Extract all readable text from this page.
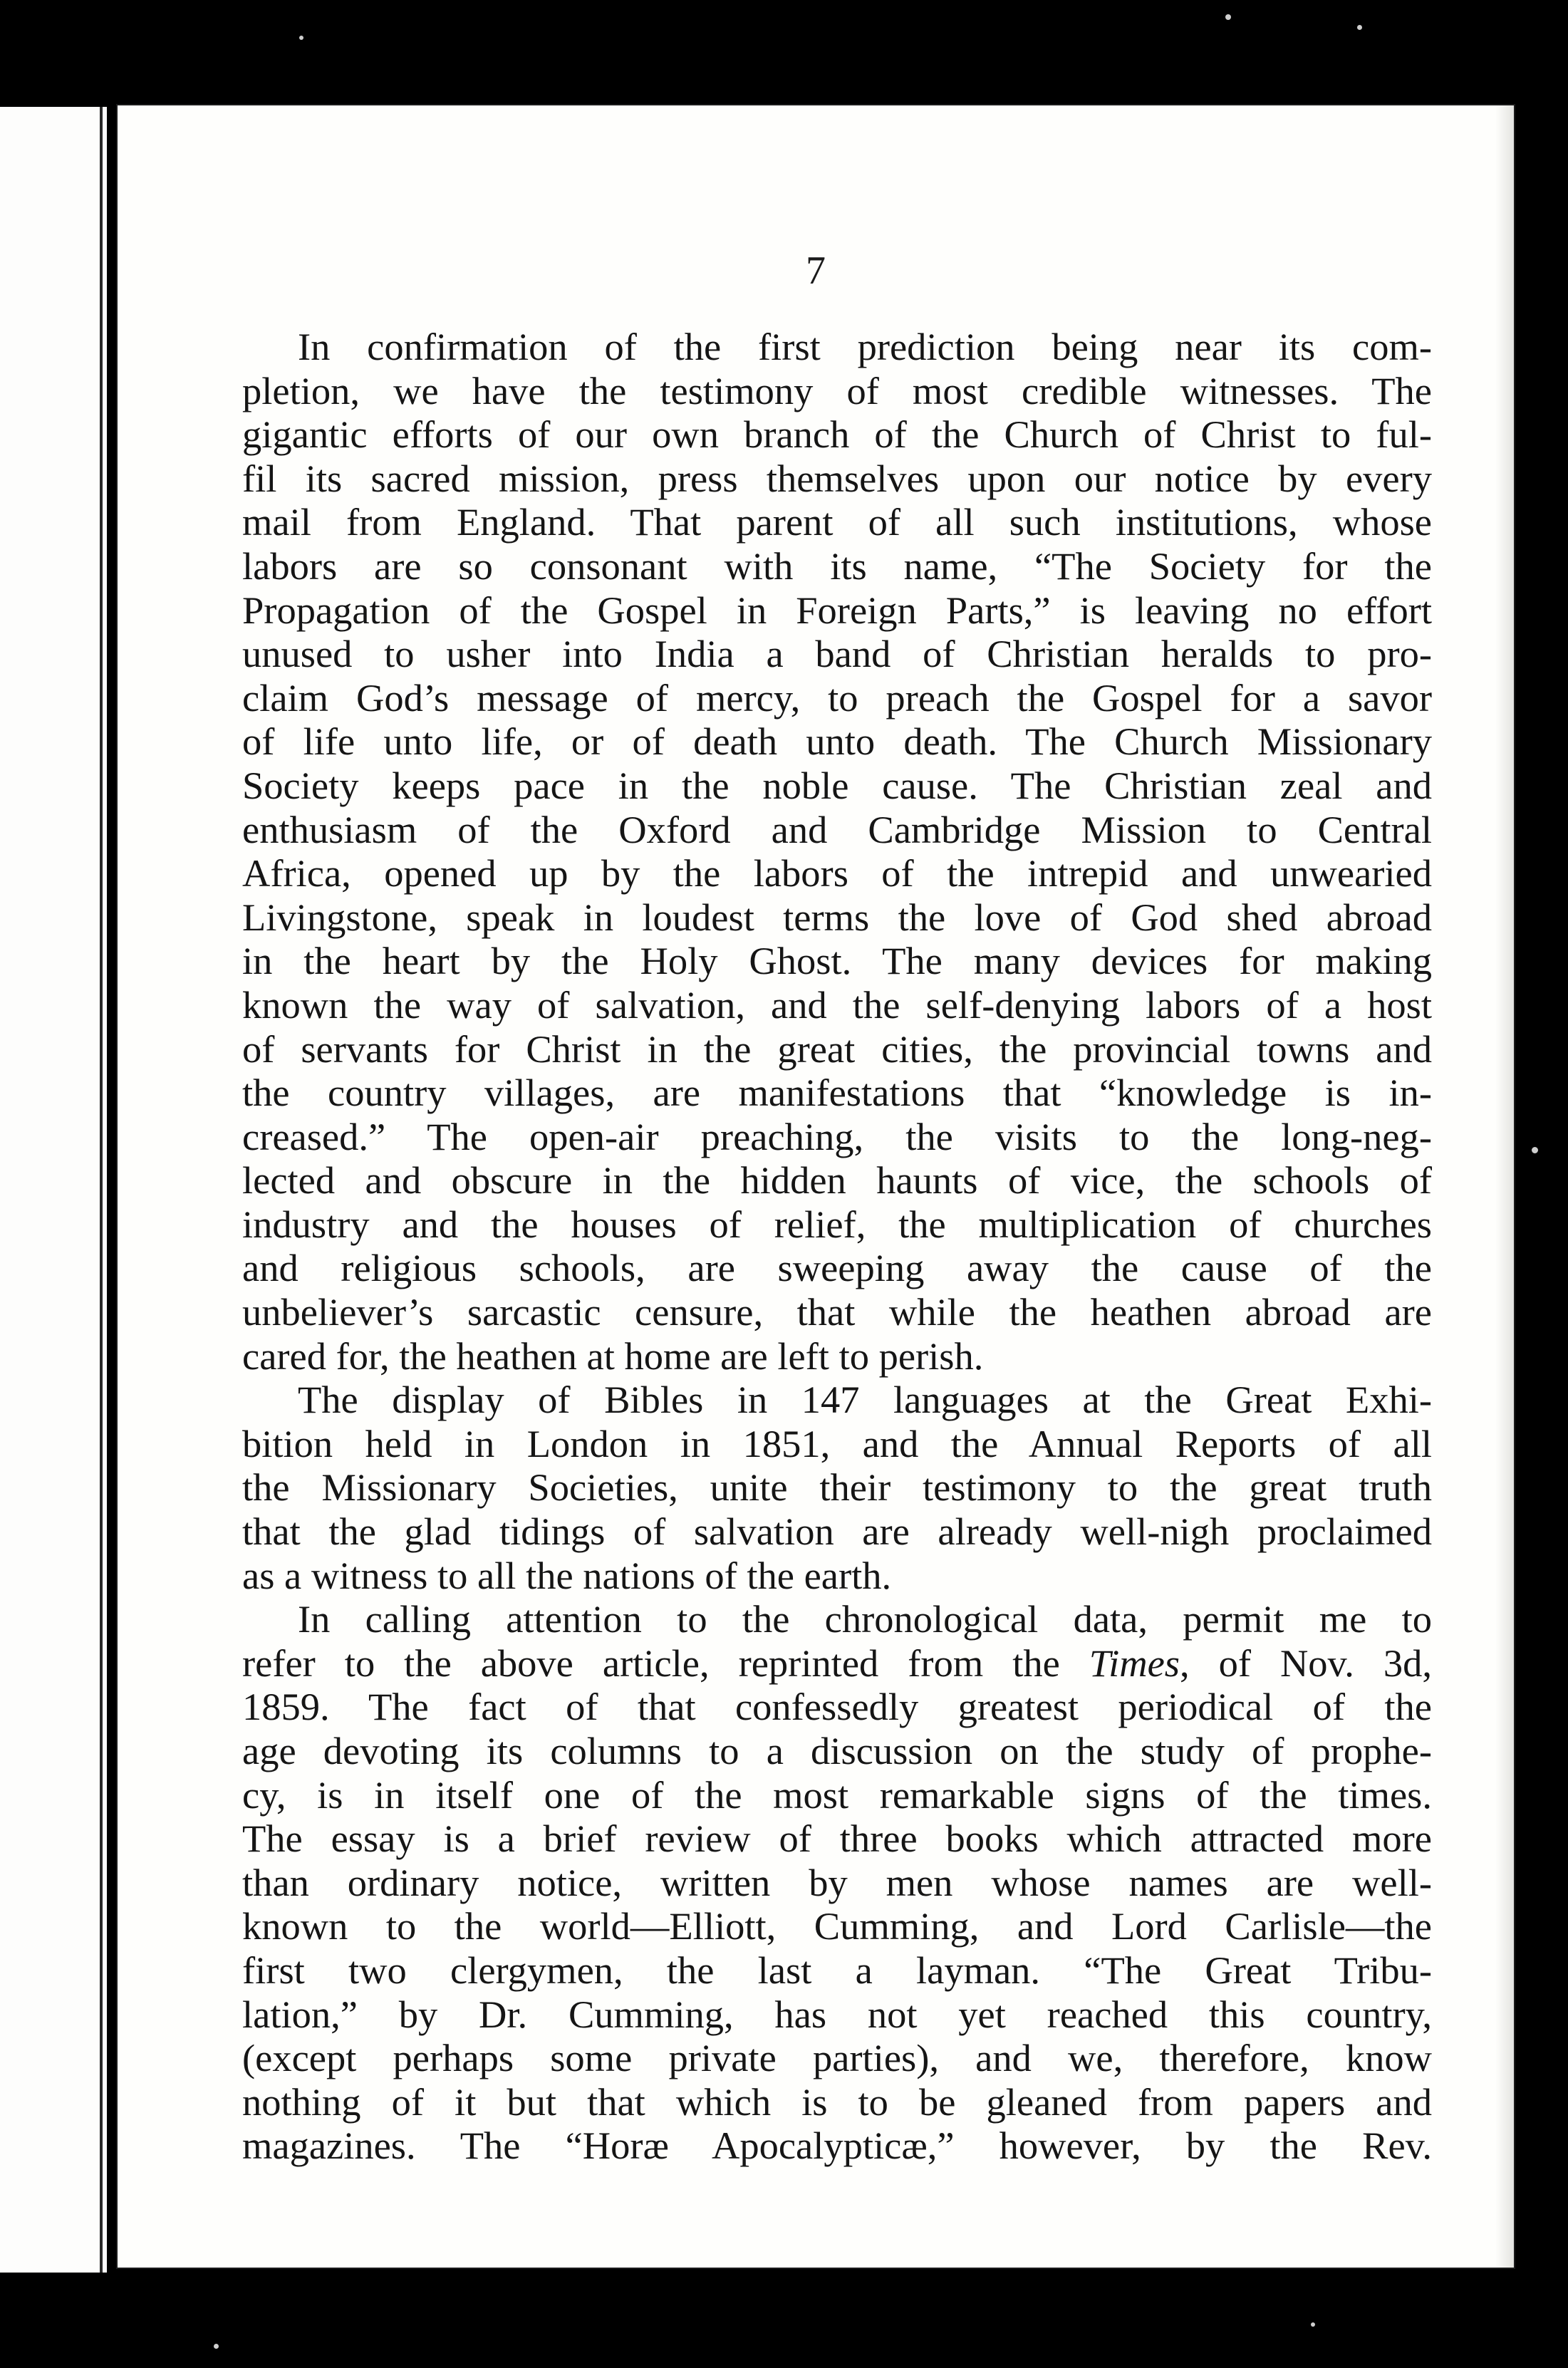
7
In confirmation of the first prediction being near its com-
pletion, we have the testimony of most credible witnesses. The
gigantic efforts of our own branch of the Church of Christ to ful-
fil its sacred mission, press themselves upon our notice by every
mail from England. That parent of all such institutions, whose
labors are so consonant with its name, “The Society for the
Propagation of the Gospel in Foreign Parts,” is leaving no effort
unused to usher into India a band of Christian heralds to pro-
claim God’s message of mercy, to preach the Gospel for a savor
of life unto life, or of death unto death. The Church Missionary
Society keeps pace in the noble cause. The Christian zeal and
enthusiasm of the Oxford and Cambridge Mission to Central
Africa, opened up by the labors of the intrepid and unwearied
Livingstone, speak in loudest terms the love of God shed abroad
in the heart by the Holy Ghost. The many devices for making
known the way of salvation, and the self-denying labors of a host
of servants for Christ in the great cities, the provincial towns and
the country villages, are manifestations that “knowledge is in-
creased.” The open-air preaching, the visits to the long-neg-
lected and obscure in the hidden haunts of vice, the schools of
industry and the houses of relief, the multiplication of churches
and religious schools, are sweeping away the cause of the
unbeliever’s sarcastic censure, that while the heathen abroad are
cared for, the heathen at home are left to perish.
The display of Bibles in 147 languages at the Great Exhi-
bition held in London in 1851, and the Annual Reports of all
the Missionary Societies, unite their testimony to the great truth
that the glad tidings of salvation are already well-nigh proclaimed
as a witness to all the nations of the earth.
In calling attention to the chronological data, permit me to
refer to the above article, reprinted from the Times, of Nov. 3d,
1859. The fact of that confessedly greatest periodical of the
age devoting its columns to a discussion on the study of prophe-
cy, is in itself one of the most remarkable signs of the times.
The essay is a brief review of three books which attracted more
than ordinary notice, written by men whose names are well-
known to the world—Elliott, Cumming, and Lord Carlisle—the
first two clergymen, the last a layman. “The Great Tribu-
lation,” by Dr. Cumming, has not yet reached this country,
(except perhaps some private parties), and we, therefore, know
nothing of it but that which is to be gleaned from papers and
magazines. The “Horæ Apocalypticæ,” however, by the Rev.
